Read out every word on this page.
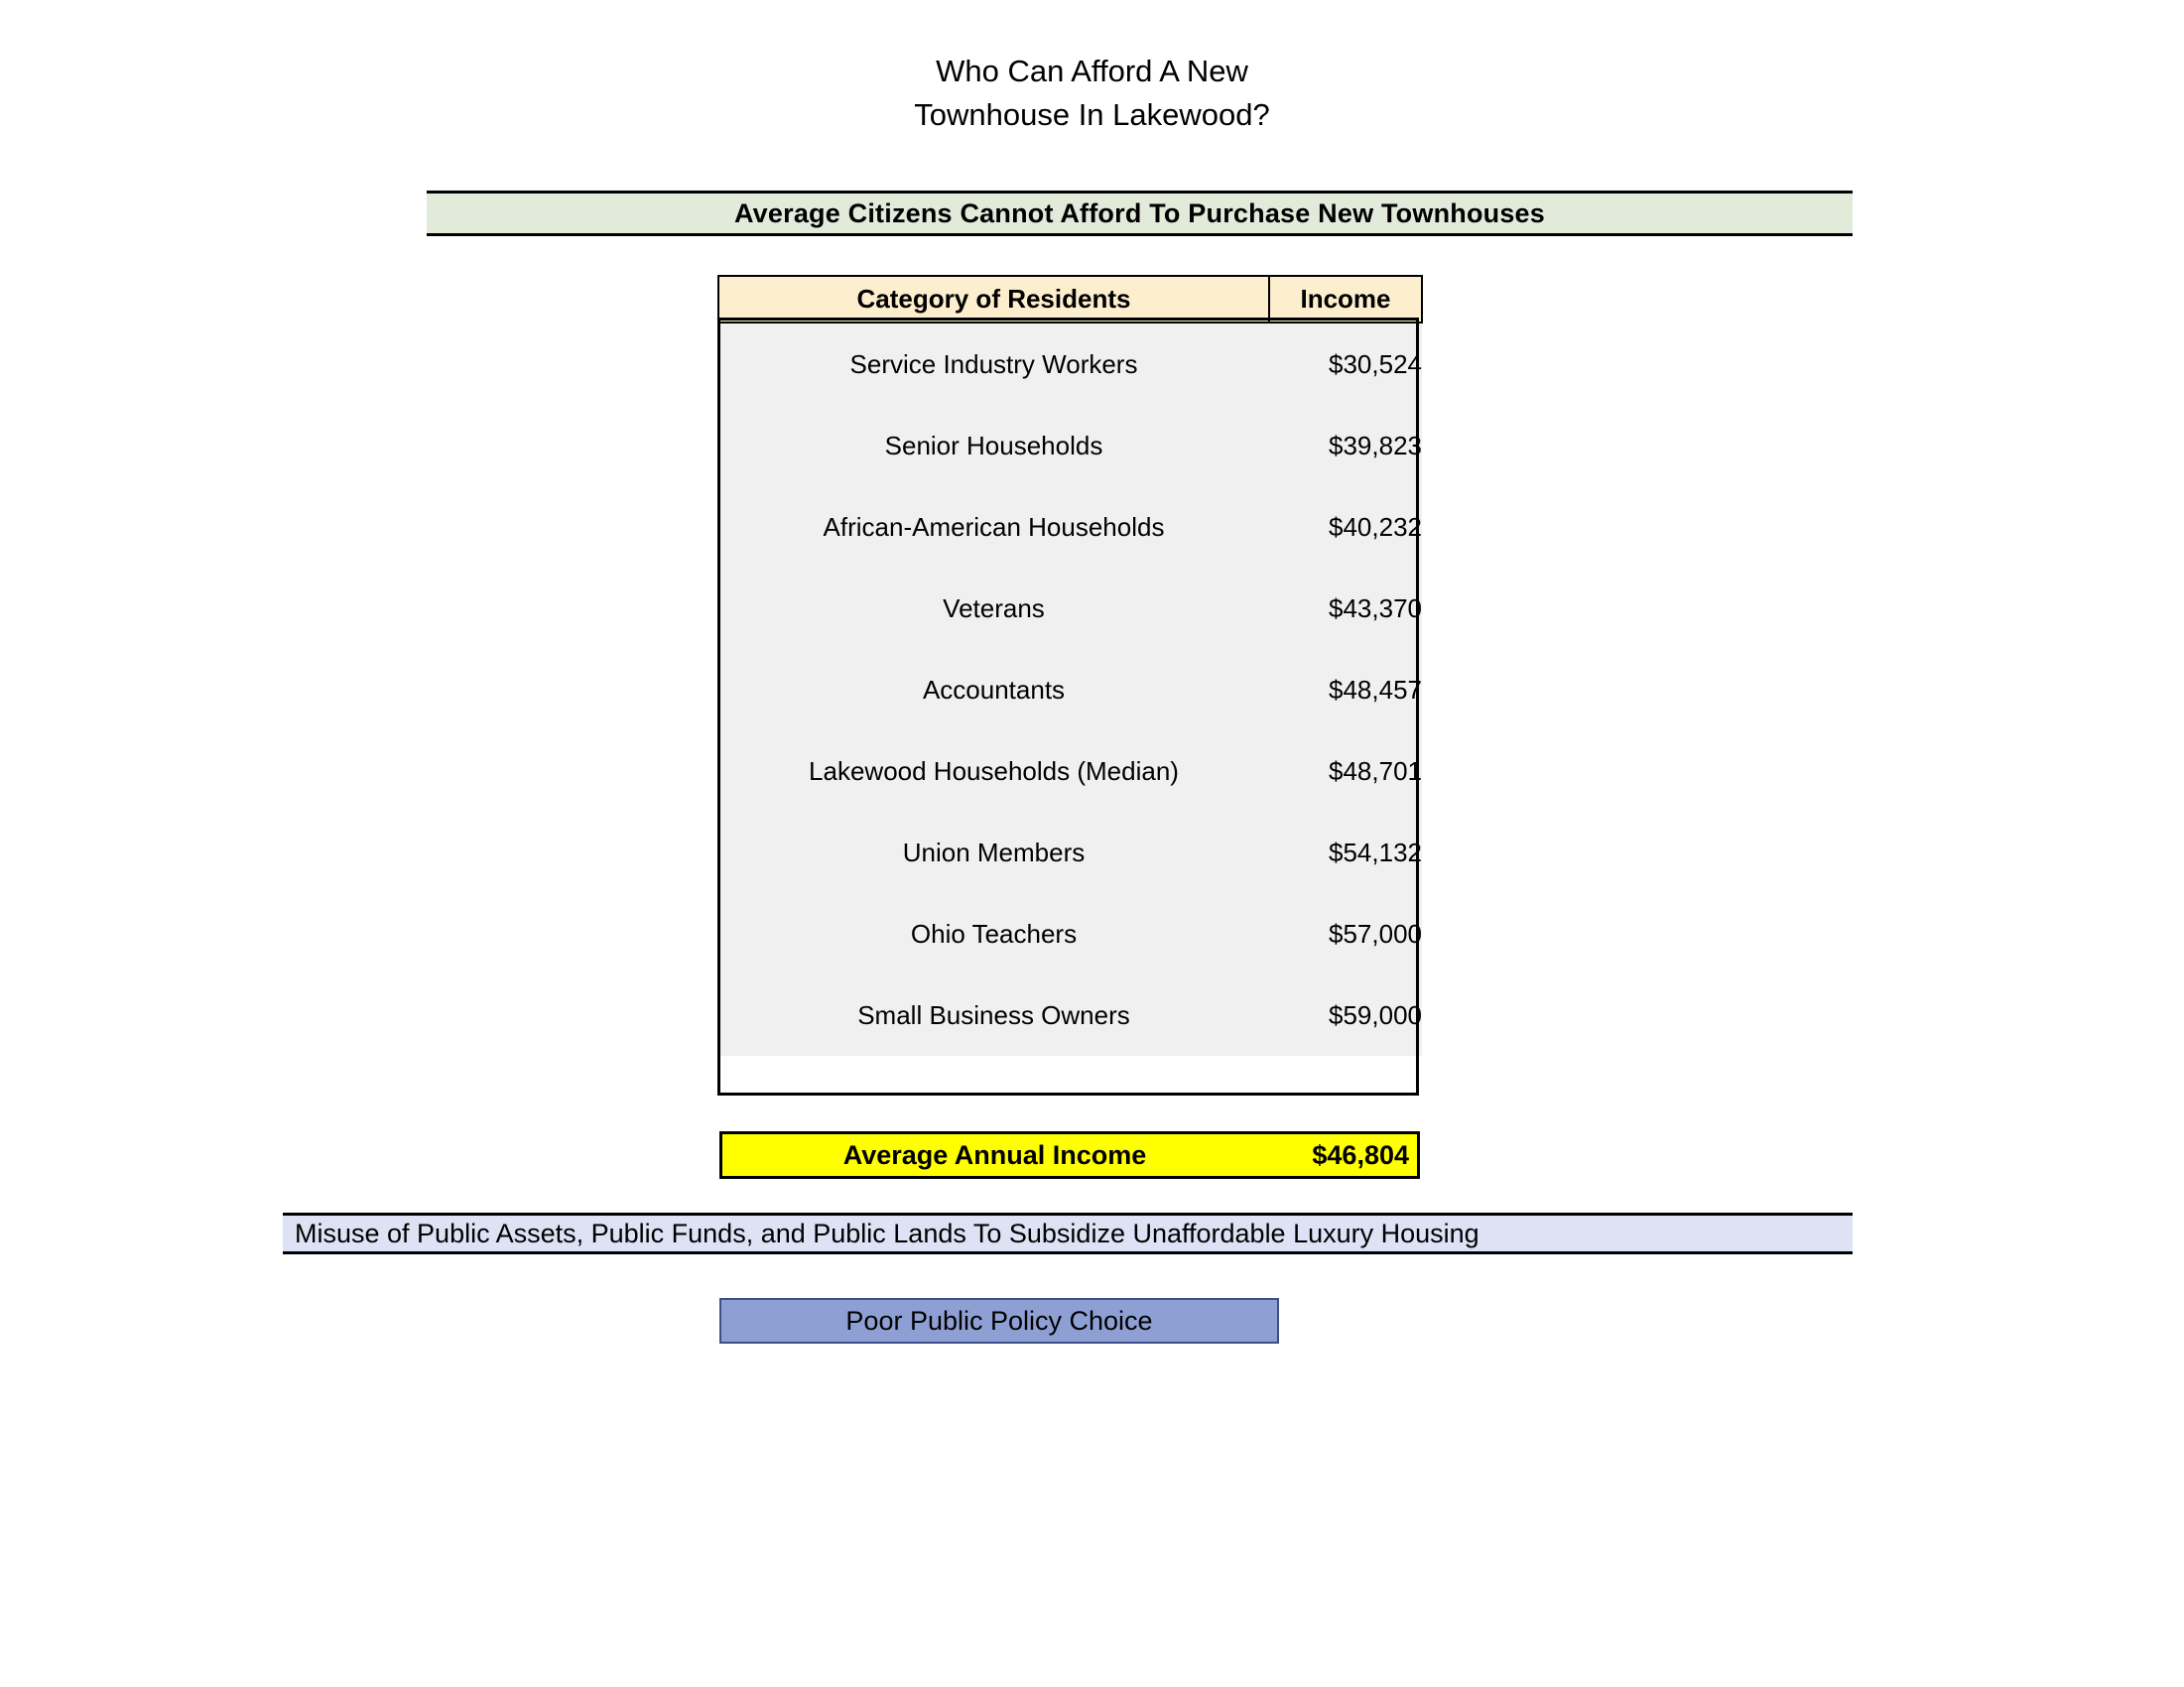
Who Can Afford A New
Townhouse In Lakewood?
Average Citizens Cannot Afford To Purchase New Townhouses
Category of Residents	Income
Service Industry Workers	$30,524
Senior Households	$39,823
African-American Households	$40,232
Veterans	$43,370
Accountants	$48,457
Lakewood Households (Median)	$48,701
Union Members	$54,132
Ohio Teachers	$57,000
Small Business Owners	$59,000
Average Annual Income	$46,804
Misuse of Public Assets, Public Funds, and Public Lands To Subsidize Unaffordable Luxury Housing
Poor Public Policy Choice
